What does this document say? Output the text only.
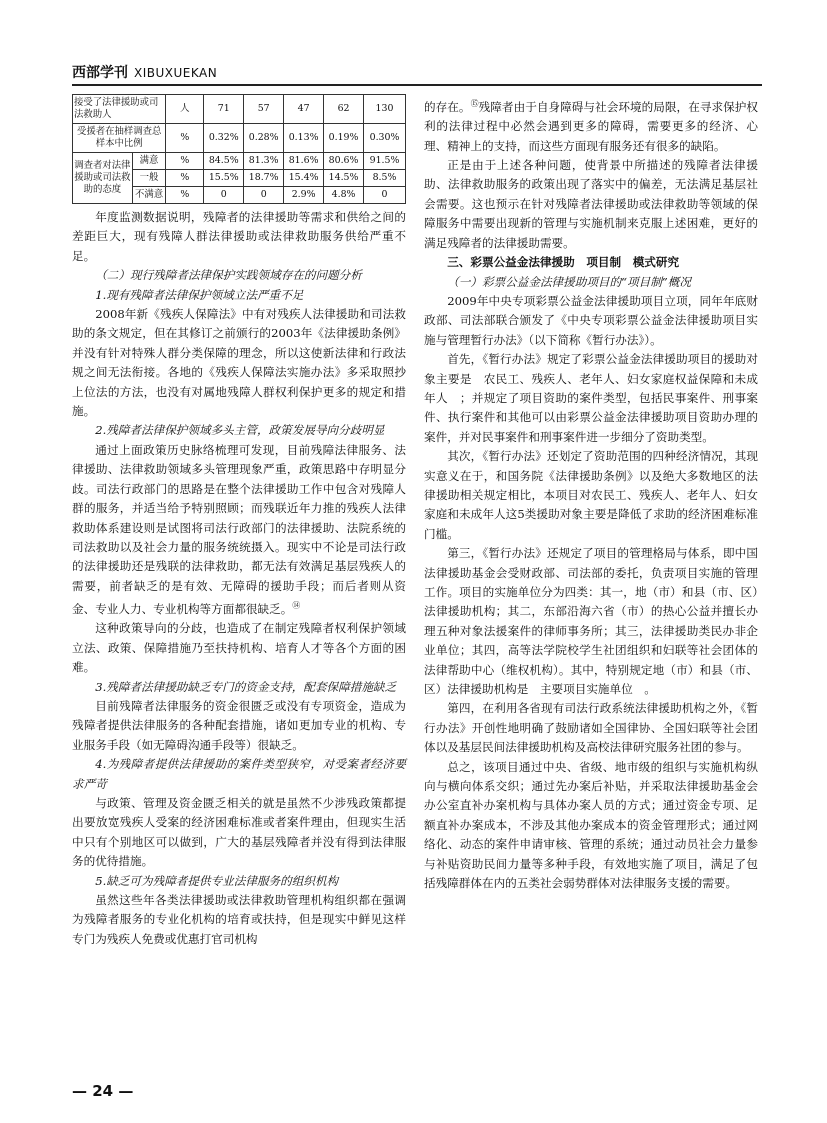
西部学刊 XIBUXUEKAN
接受了法律援助或司法救助人		人	71	57	47	62	130
受援者在抽样调查总样本中比例		%	0.32%	0.28%	0.13%	0.19%	0.30%
调查者对法律援助或司法救助的态度	满意	%	84.5%	81.3%	81.6%	80.6%	91.5%
	一般	%	15.5%	18.7%	15.4%	14.5%	8.5%
	不满意	%	0	0	2.9%	4.8%	0

年度监测数据说明，残障者的法律援助等需求和供给之间的差距巨大，现有残障人群法律援助或法律救助服务供给严重不足。

（二）现行残障者法律保护实践领域存在的问题分析

1.现有残障者法律保护领域立法严重不足

2008年新《残疾人保障法》中有对残疾人法律援助和司法救助的条文规定，但在其修订之前颁行的2003年《法律援助条例》并没有针对特殊人群分类保障的理念，所以这使新法律和行政法规之间无法衔接。各地的《残疾人保障法实施办法》多采取照抄上位法的方法，也没有对属地残障人群权利保护更多的规定和措施。

2.残障者法律保护领域多头主管，政策发展导向分歧明显

通过上面政策历史脉络梳理可发现，目前残障法律服务、法律援助、法律救助领域多头管理现象严重，政策思路中存明显分歧。司法行政部门的思路是在整个法律援助工作中包含对残障人群的服务，并适当给予特别照顾；而残联近年力推的残疾人法律救助体系建设则是试图将司法行政部门的法律援助、法院系统的司法救助以及社会力量的服务统统摄入。现实中不论是司法行政的法律援助还是残联的法律救助，都无法有效满足基层残疾人的需要，前者缺乏的是有效、无障碍的援助手段；而后者则从资金、专业人力、专业机构等方面都很缺乏。⑭

这种政策导向的分歧，也造成了在制定残障者权利保护领域立法、政策、保障措施乃至扶持机构、培育人才等各个方面的困难。

3.残障者法律援助缺乏专门的资金支持，配套保障措施缺乏

目前残障者法律服务的资金很匮乏或没有专项资金，造成为残障者提供法律服务的各种配套措施，诸如更加专业的机构、专业服务手段（如无障碍沟通手段等）很缺乏。

4.为残障者提供法律援助的案件类型狭窄，对受案者经济要求严苛

与政策、管理及资金匮乏相关的就是虽然不少涉残政策都提出要放宽残疾人受案的经济困难标准或者案件理由，但现实生活中只有个别地区可以做到，广大的基层残障者并没有得到法律服务的优待措施。

5.缺乏可为残障者提供专业法律服务的组织机构

虽然这些年各类法律援助或法律救助管理机构组织都在强调为残障者服务的专业化机构的培育或扶持，但是现实中鲜见这样专门为残疾人免费或优惠打官司机构

的存在。⑮残障者由于自身障碍与社会环境的局限，在寻求保护权利的法律过程中必然会遇到更多的障碍，需要更多的经济、心理、精神上的支持，而这些方面现有服务还有很多的缺陷。

正是由于上述各种问题，使背景中所描述的残障者法律援助、法律救助服务的政策出现了落实中的偏差，无法满足基层社会需要。这也预示在针对残障者法律援助或法律救助等领域的保障服务中需要出现新的管理与实施机制来克服上述困难，更好的满足残障者的法律援助需要。

三、彩票公益金法律援助　项目制　模式研究

（一）彩票公益金法律援助项目的“项目制”概况

2009年中央专项彩票公益金法律援助项目立项，同年年底财政部、司法部联合颁发了《中央专项彩票公益金法律援助项目实施与管理暂行办法》（以下简称《暂行办法》）。

首先，《暂行办法》规定了彩票公益金法律援助项目的援助对象主要是　农民工、残疾人、老年人、妇女家庭权益保障和未成年人　；并规定了项目资助的案件类型，包括民事案件、刑事案件、执行案件和其他可以由彩票公益金法律援助项目资助办理的案件，并对民事案件和刑事案件进一步细分了资助类型。

其次，《暂行办法》还划定了资助范围的四种经济情况，其现实意义在于，和国务院《法律援助条例》以及绝大多数地区的法律援助相关规定相比，本项目对农民工、残疾人、老年人、妇女家庭和未成年人这5类援助对象主要是降低了求助的经济困难标准门槛。

第三，《暂行办法》还规定了项目的管理格局与体系，即中国法律援助基金会受财政部、司法部的委托，负责项目实施的管理工作。项目的实施单位分为四类：其一，地（市）和县（市、区）法律援助机构；其二，东部沿海六省（市）的热心公益并擅长办理五种对象法援案件的律师事务所；其三，法律援助类民办非企业单位；其四，高等法学院校学生社团组织和妇联等社会团体的法律帮助中心（维权机构）。其中，特别规定地（市）和县（市、区）法律援助机构是　主要项目实施单位　。

第四，在利用各省现有司法行政系统法律援助机构之外，《暂行办法》开创性地明确了鼓励诸如全国律协、全国妇联等社会团体以及基层民间法律援助机构及高校法律研究服务社团的参与。

总之，该项目通过中央、省级、地市级的组织与实施机构纵向与横向体系交织；通过先办案后补贴，并采取法律援助基金会办公室直补办案机构与具体办案人员的方式；通过资金专项、足额直补办案成本，不涉及其他办案成本的资金管理形式；通过网络化、动态的案件申请审核、管理的系统；通过动员社会力量参与补贴资助民间力量等多种手段，有效地实施了项目，满足了包括残障群体在内的五类社会弱势群体对法律服务支援的需要。

— 24 —
